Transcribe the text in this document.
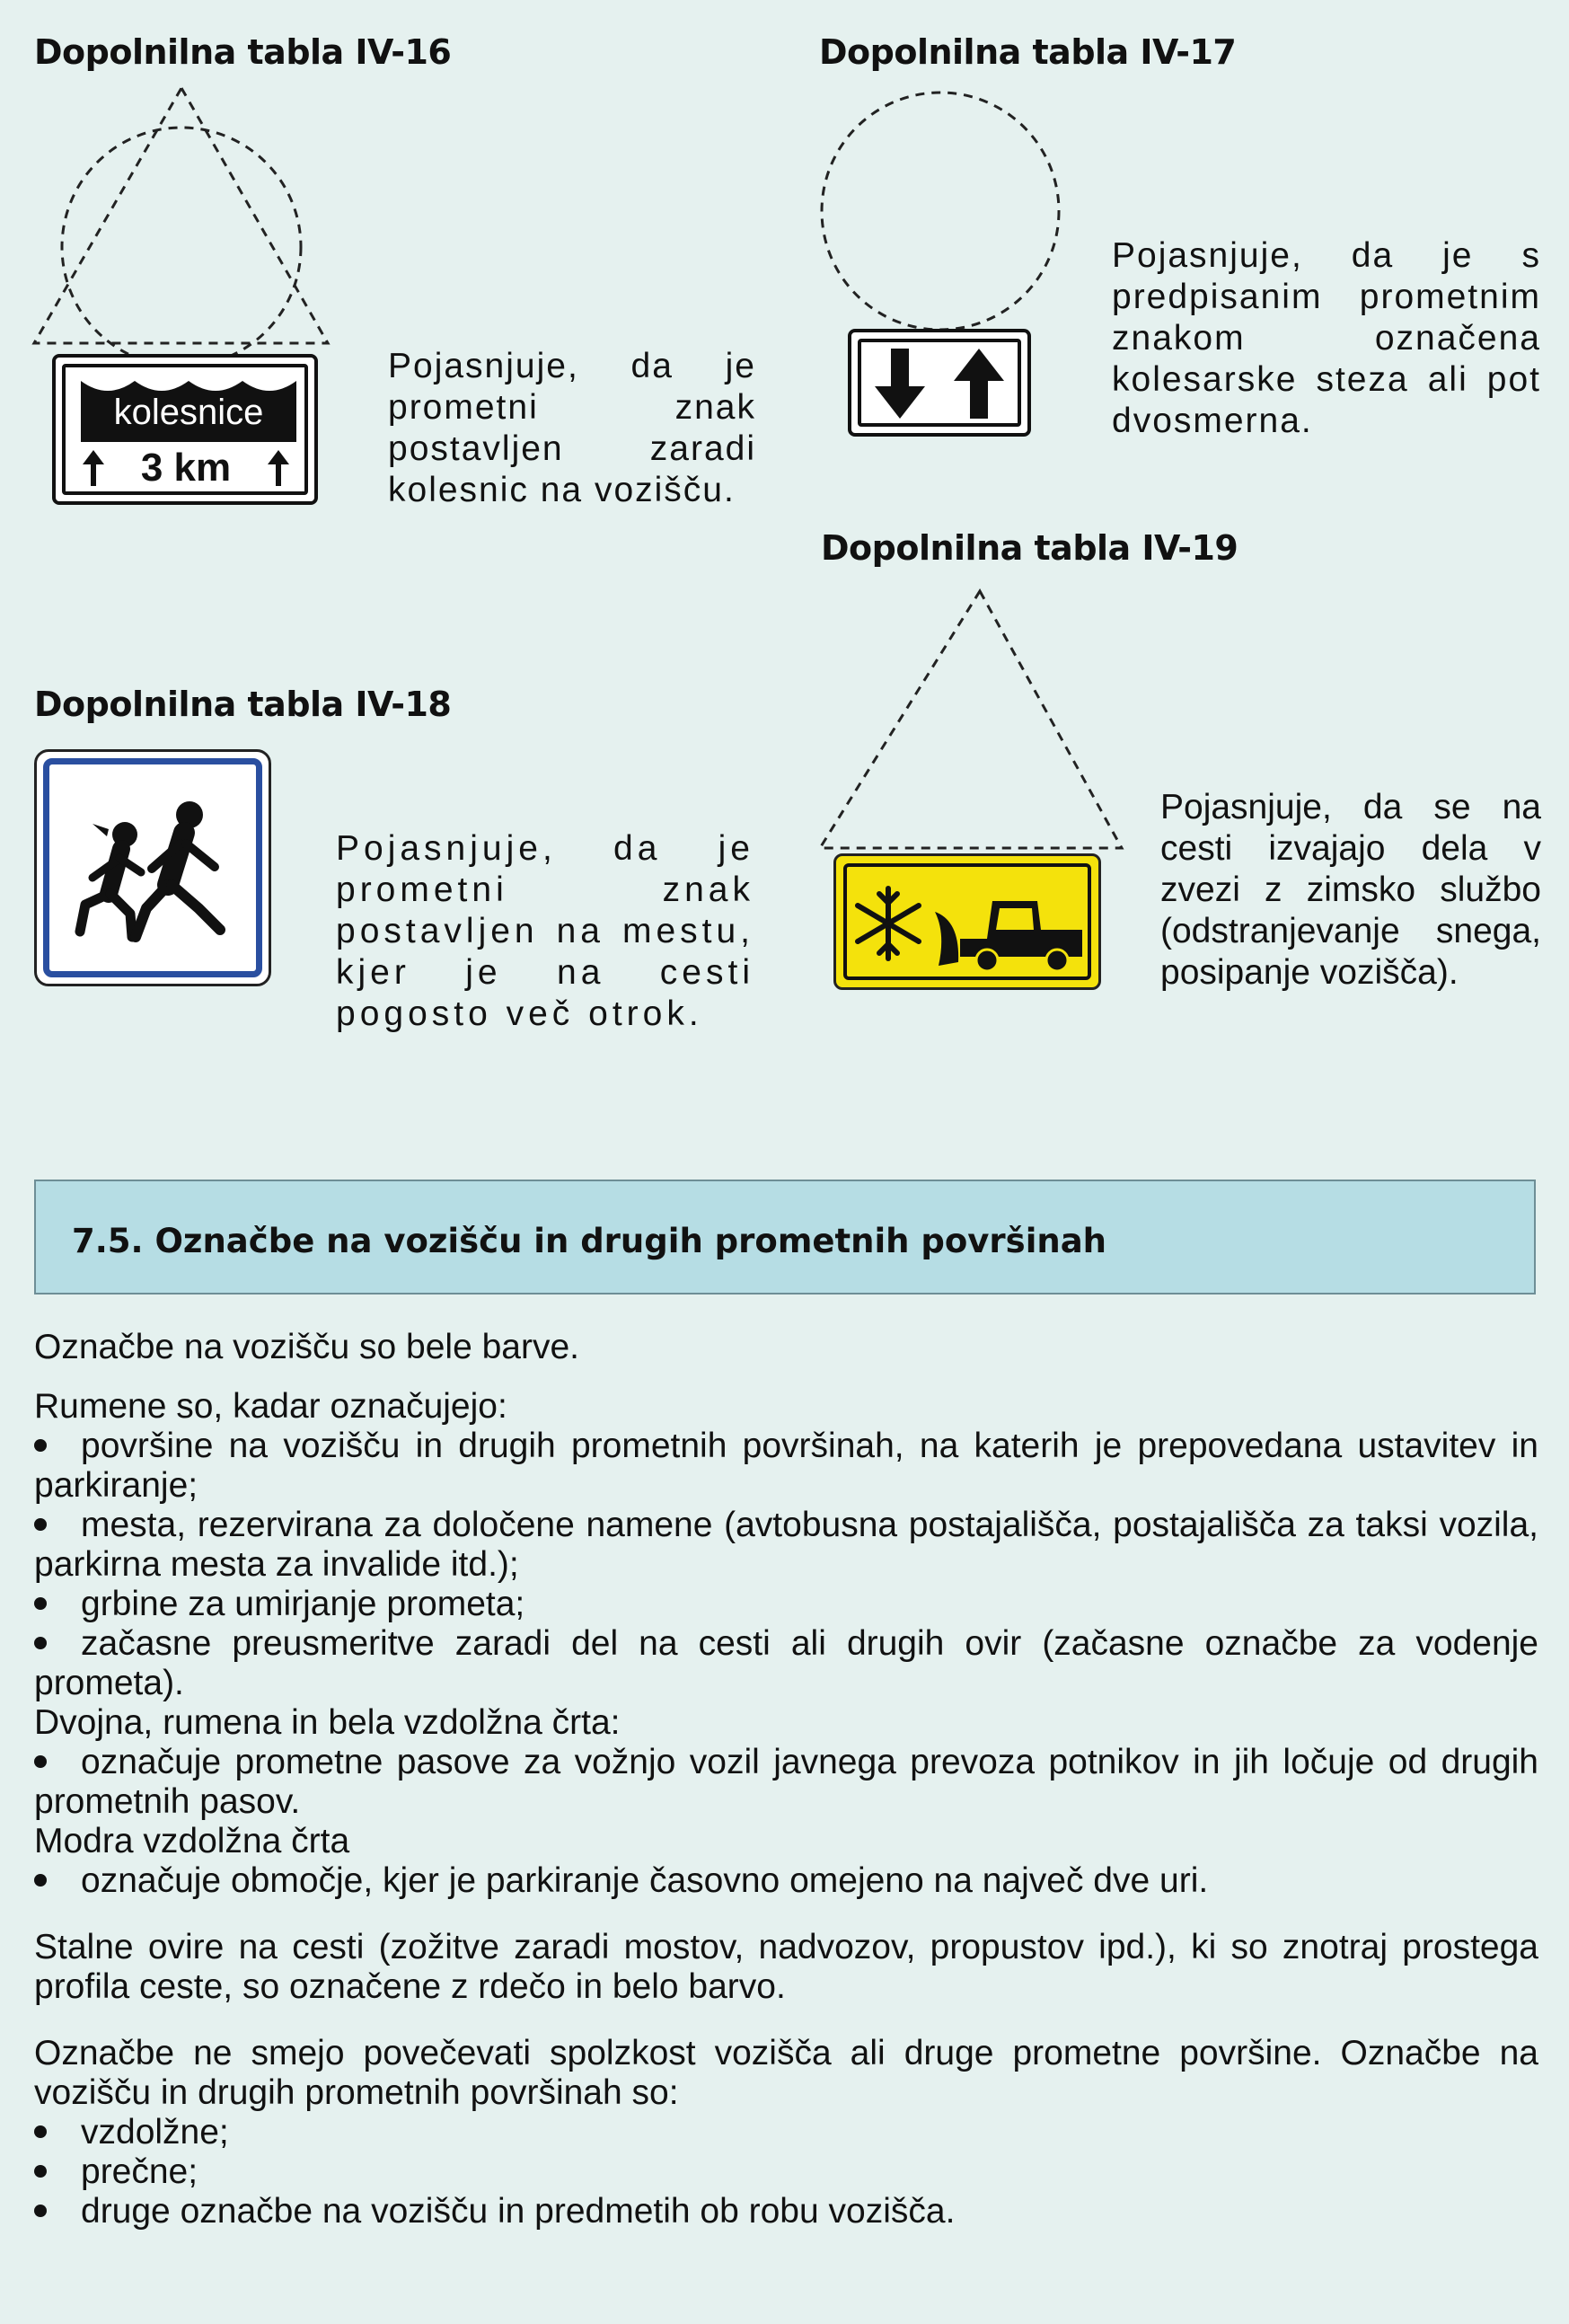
Dopolnilna tabla IV-16
kolesnice
3 km
Pojasnjuje, da je prometni znak postavljen zaradi kolesnic na vozišču.
Dopolnilna tabla IV-17
Pojasnjuje, da je s predpisanim prometnim znakom označena kolesarske steza ali pot dvosmerna.
Dopolnilna tabla IV-18
Pojasnjuje, da je prometni znak postavljen na mestu, kjer je na cesti pogosto več otrok.
Dopolnilna tabla IV-19
Pojasnjuje, da se na cesti izvajajo dela v zvezi z zimsko službo (odstranjevanje snega, posipanje vozišča).
7.5. Označbe na vozišču in drugih prometnih površinah

Označbe na vozišču so bele barve.

Rumene so, kadar označujejo:

površine na vozišču in drugih prometnih površinah, na katerih je prepovedana ustavitev in parkiranje;

mesta, rezervirana za določene namene (avtobusna postajališča, postajališča za taksi vozila, parkirna mesta za invalide itd.);

grbine za umirjanje prometa;

začasne preusmeritve zaradi del na cesti ali drugih ovir (začasne označbe za vodenje prometa).

Dvojna, rumena in bela vzdolžna črta:

označuje prometne pasove za vožnjo vozil javnega prevoza potnikov in jih ločuje od drugih prometnih pasov.

Modra vzdolžna črta

označuje območje, kjer je parkiranje časovno omejeno na največ dve uri.

Stalne ovire na cesti (zožitve zaradi mostov, nadvozov, propustov ipd.), ki so znotraj prostega profila ceste, so označene z rdečo in belo barvo.

Označbe ne smejo povečevati spolzkost vozišča ali druge prometne površine. Označbe na vozišču in drugih prometnih površinah so:

vzdolžne;

prečne;

druge označbe na vozišču in predmetih ob robu vozišča.
